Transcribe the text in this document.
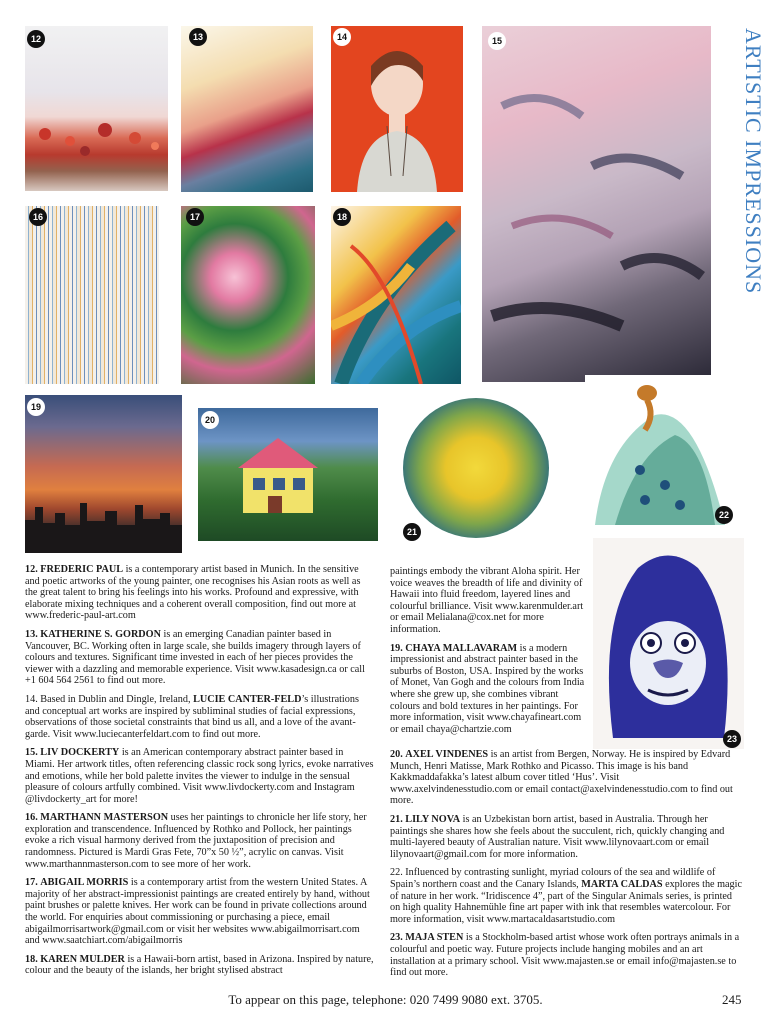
ARTISTIC IMPRESSIONS
12	13	14	15
16	17	18
19
20
21
22
23

12. FREDERIC PAUL is a contemporary artist based in Munich. In the sensitive and poetic artworks of the young painter, one recognises his Asian roots as well as the great talent to bring his feelings into his works. Profound and expressive, with elaborate mixing techniques and a coherent overall composition, find out more at www.frederic-paul-art.com

13. KATHERINE S. GORDON is an emerging Canadian painter based in Vancouver, BC. Working often in large scale, she builds imagery through layers of colours and textures. Significant time invested in each of her pieces provides the viewer with a dazzling and memorable experience. Visit www.kasadesign.ca or call +1 604 564 2561 to find out more.

14. Based in Dublin and Dingle, Ireland, LUCIE CANTER-FELD’s illustrations and conceptual art works are inspired by subliminal studies of facial expressions, observations of those societal constraints that bind us all, and a love of the avant-garde. Visit www.luciecanterfeldart.com to find out more.

15. LIV DOCKERTY is an American contemporary abstract painter based in Miami. Her artwork titles, often referencing classic rock song lyrics, evoke narratives and emotions, while her bold palette invites the viewer to indulge in the sensual pleasure of colours artfully combined. Visit www.livdockerty.com and Instagram @livdockerty_art for more!

16. MARTHANN MASTERSON uses her paintings to chronicle her life story, her exploration and transcendence. Influenced by Rothko and Pollock, her paintings evoke a rich visual harmony derived from the juxtaposition of precision and randomness. Pictured is Mardi Gras Fete, 70”x 50 ½”, acrylic on canvas. Visit www.marthannmasterson.com to see more of her work.

17. ABIGAIL MORRIS is a contemporary artist from the western United States. A majority of her abstract-impressionist paintings are created entirely by hand, without paint brushes or palette knives. Her work can be found in private collections around the world. For enquiries about commissioning or purchasing a piece, email abigailmorrisartwork@gmail.com or visit her websites www.abigailmorrisart.com and www.saatchiart.com/abigailmorris

18. KAREN MULDER is a Hawaii-born artist, based in Arizona. Inspired by nature, colour and the beauty of the islands, her bright stylised abstract

paintings embody the vibrant Aloha spirit. Her voice weaves the breadth of life and divinity of Hawaii into fluid freedom, layered lines and colourful brilliance. Visit www.karenmulder.art or email Melialana@cox.net for more information.

19. CHAYA MALLAVARAM is a modern impressionist and abstract painter based in the suburbs of Boston, USA. Inspired by the works of Monet, Van Gogh and the colours from India where she grew up, she combines vibrant colours and bold textures in her paintings. For more information, visit www.chayafineart.com or email chaya@chartzie.com

20. AXEL VINDENES is an artist from Bergen, Norway. He is inspired by Edvard Munch, Henri Matisse, Mark Rothko and Picasso. This image is his band Kakkmaddafakka’s latest album cover titled ‘Hus’. Visit www.axelvindenesstudio.com or email contact@axelvindenesstudio.com to find out more.

21. LILY NOVA is an Uzbekistan born artist, based in Australia. Through her paintings she shares how she feels about the succulent, rich, quickly changing and multi-layered beauty of Australian nature. Visit www.lilynovaart.com or email lilynovaart@gmail.com for more information.

22. Influenced by contrasting sunlight, myriad colours of the sea and wildlife of Spain’s northern coast and the Canary Islands, MARTA CALDAS explores the magic of nature in her work. “Iridiscence 4”, part of the Singular Animals series, is printed on high quality Hahnemühle fine art paper with ink that resembles watercolour. For more information, visit www.martacaldasartstudio.com

23. MAJA STEN is a Stockholm-based artist whose work often portrays animals in a colourful and poetic way. Future projects include hanging mobiles and an art installation at a primary school. Visit www.majasten.se or email info@majasten.se to find out more.

To appear on this page, telephone: 020 7499 9080 ext. 3705.	245
